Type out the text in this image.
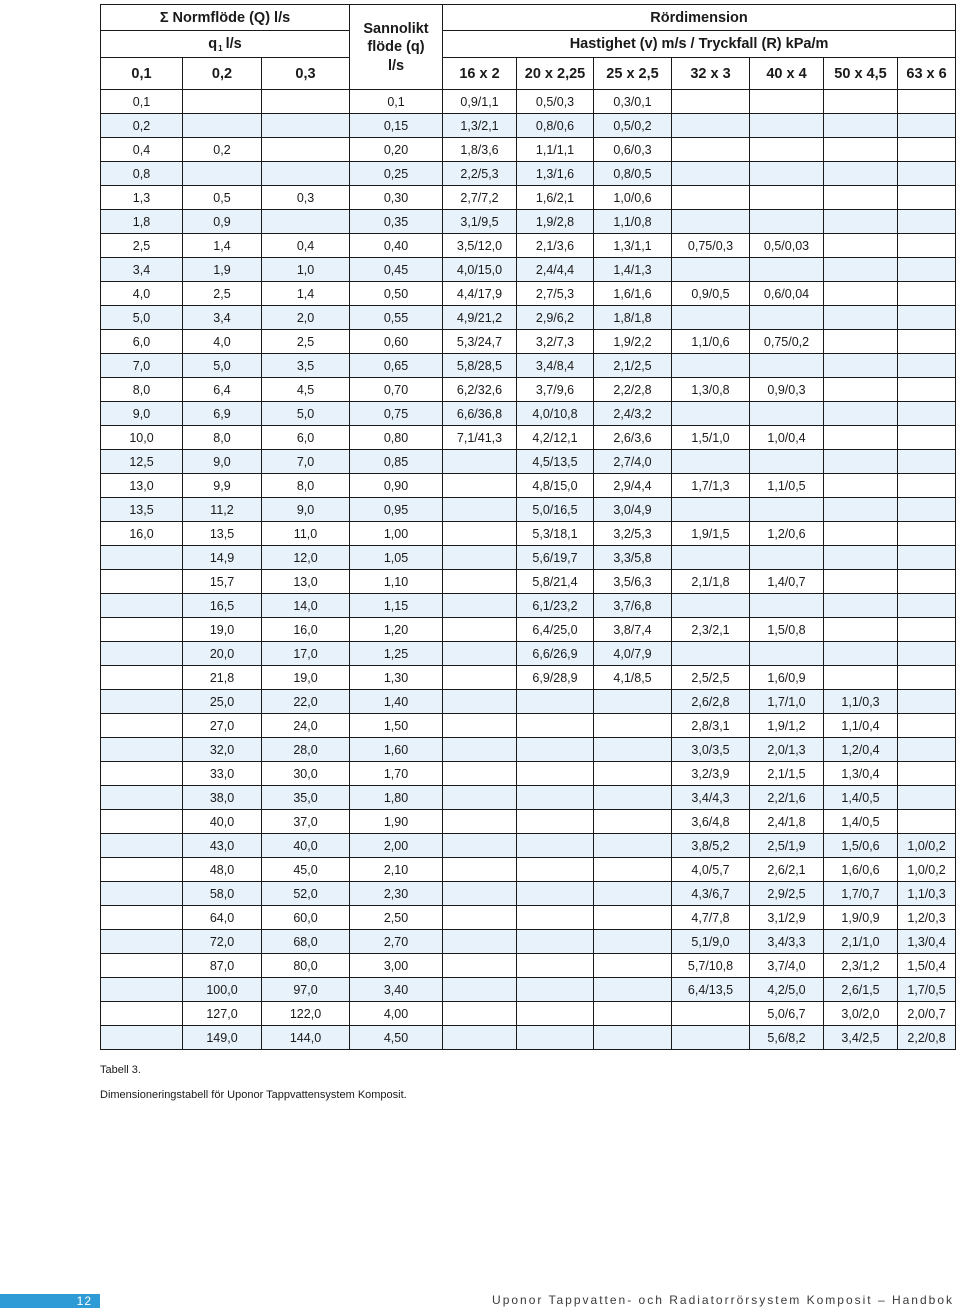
Σ Normflöde (Q) l/s			Sannolikt flöde (q)
l/s	Rördimension						
$q_1$ l/s				Hastighet (v) m/s / Tryckfall (R) kPa/m						
0,1	0,2	0,3		16 x 2	20 x 2,25	25 x 2,5	32 x 3	40 x 4	50 x 4,5	63 x 6
0,1			0,1	0,9/1,1	0,5/0,3	0,3/0,1				
0,2			0,15	1,3/2,1	0,8/0,6	0,5/0,2				
0,4	0,2		0,20	1,8/3,6	1,1/1,1	0,6/0,3				
0,8			0,25	2,2/5,3	1,3/1,6	0,8/0,5				
1,3	0,5	0,3	0,30	2,7/7,2	1,6/2,1	1,0/0,6				
1,8	0,9		0,35	3,1/9,5	1,9/2,8	1,1/0,8				
2,5	1,4	0,4	0,40	3,5/12,0	2,1/3,6	1,3/1,1	0,75/0,3	0,5/0,03		
3,4	1,9	1,0	0,45	4,0/15,0	2,4/4,4	1,4/1,3				
4,0	2,5	1,4	0,50	4,4/17,9	2,7/5,3	1,6/1,6	0,9/0,5	0,6/0,04		
5,0	3,4	2,0	0,55	4,9/21,2	2,9/6,2	1,8/1,8				
6,0	4,0	2,5	0,60	5,3/24,7	3,2/7,3	1,9/2,2	1,1/0,6	0,75/0,2		
7,0	5,0	3,5	0,65	5,8/28,5	3,4/8,4	2,1/2,5				
8,0	6,4	4,5	0,70	6,2/32,6	3,7/9,6	2,2/2,8	1,3/0,8	0,9/0,3		
9,0	6,9	5,0	0,75	6,6/36,8	4,0/10,8	2,4/3,2				
10,0	8,0	6,0	0,80	7,1/41,3	4,2/12,1	2,6/3,6	1,5/1,0	1,0/0,4		
12,5	9,0	7,0	0,85		4,5/13,5	2,7/4,0				
13,0	9,9	8,0	0,90		4,8/15,0	2,9/4,4	1,7/1,3	1,1/0,5		
13,5	11,2	9,0	0,95		5,0/16,5	3,0/4,9				
16,0	13,5	11,0	1,00		5,3/18,1	3,2/5,3	1,9/1,5	1,2/0,6		
	14,9	12,0	1,05		5,6/19,7	3,3/5,8				
	15,7	13,0	1,10		5,8/21,4	3,5/6,3	2,1/1,8	1,4/0,7		
	16,5	14,0	1,15		6,1/23,2	3,7/6,8				
	19,0	16,0	1,20		6,4/25,0	3,8/7,4	2,3/2,1	1,5/0,8		
	20,0	17,0	1,25		6,6/26,9	4,0/7,9				
	21,8	19,0	1,30		6,9/28,9	4,1/8,5	2,5/2,5	1,6/0,9		
	25,0	22,0	1,40				2,6/2,8	1,7/1,0	1,1/0,3	
	27,0	24,0	1,50				2,8/3,1	1,9/1,2	1,1/0,4	
	32,0	28,0	1,60				3,0/3,5	2,0/1,3	1,2/0,4	
	33,0	30,0	1,70				3,2/3,9	2,1/1,5	1,3/0,4	
	38,0	35,0	1,80				3,4/4,3	2,2/1,6	1,4/0,5	
	40,0	37,0	1,90				3,6/4,8	2,4/1,8	1,4/0,5	
	43,0	40,0	2,00				3,8/5,2	2,5/1,9	1,5/0,6	1,0/0,2
	48,0	45,0	2,10				4,0/5,7	2,6/2,1	1,6/0,6	1,0/0,2
	58,0	52,0	2,30				4,3/6,7	2,9/2,5	1,7/0,7	1,1/0,3
	64,0	60,0	2,50				4,7/7,8	3,1/2,9	1,9/0,9	1,2/0,3
	72,0	68,0	2,70				5,1/9,0	3,4/3,3	2,1/1,0	1,3/0,4
	87,0	80,0	3,00				5,7/10,8	3,7/4,0	2,3/1,2	1,5/0,4
	100,0	97,0	3,40				6,4/13,5	4,2/5,0	2,6/1,5	1,7/0,5
	127,0	122,0	4,00					5,0/6,7	3,0/2,0	2,0/0,7
	149,0	144,0	4,50					5,6/8,2	3,4/2,5	2,2/0,8
Tabell 3.
Dimensioneringstabell för Uponor Tappvattensystem Komposit.
12	Uponor Tappvatten- och Radiatorrörsystem Komposit – Handbok
